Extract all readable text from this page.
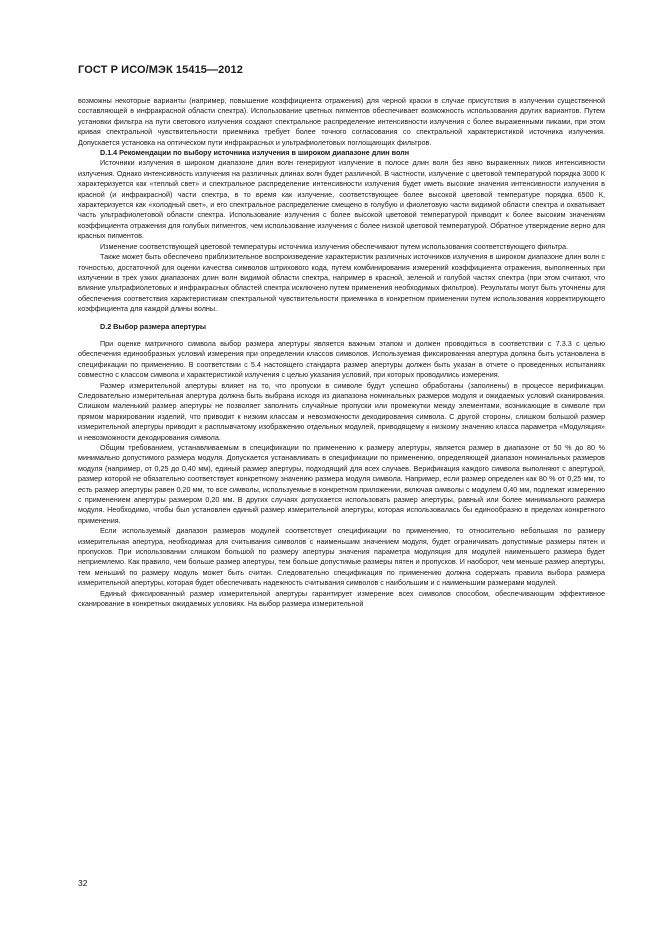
ГОСТ Р ИСО/МЭК 15415—2012

возможны некоторые варианты (например, повышение коэффициента отражения) для черной краски в случае присутствия в излучении существенной составляющей в инфракрасной области спектра). Использование цветных пигментов обеспечивает возможность использования других вариантов. Путем установки фильтра на пути светового излучения создают спектральное распределение интенсивности излучения с более выраженными пиками, при этом кривая спектральной чувствительности приемника требует более точного согласования со спектральной характеристикой источника излучения. Допускается установка на оптическом пути инфракрасных и ультрафиолетовых поглощающих фильтров.

D.1.4 Рекомендации по выбору источника излучения в широком диапазоне длин волн

Источники излучения в широком диапазоне длин волн генерируют излучение в полосе длин волн без явно выраженных пиков интенсивности излучения. Однако интенсивность излучения на различных длинах волн будет различной. В частности, излучение с цветовой температурой порядка 3000 К характеризуется как «теплый свет» и спектральное распределение интенсивности излучения будет иметь высокие значения интенсивности излучения в красной (и инфракрасной) части спектра, в то время как излучение, соответствующее более высокой цветовой температуре порядка 6500 К, характеризуется как «холодный свет», и его спектральное распределение смещено в голубую и фиолетовую части видимой области спектра и охватывает часть ультрафиолетовой области спектра. Использование излучения с более высокой цветовой температурой приводит к более высоким значениям коэффициента отражения для голубых пигментов, чем использование излучения с более низкой цветовой температурой. Обратное утверждение верно для красных пигментов.

Изменение соответствующей цветовой температуры источника излучения обеспечивают путем использования соответствующего фильтра.

Также может быть обеспечено приблизительное воспроизведение характеристик различных источников излучения в широком диапазоне длин волн с точностью, достаточной для оценки качества символов штрихового кода, путем комбинирования измерений коэффициента отражения, выполненных при излучении в трех узких диапазонах длин волн видимой области спектра, например в красной, зеленой и голубой частях спектра (при этом считают, что влияние ультрафиолетовых и инфракрасных областей спектра исключено путем применения необходимых фильтров). Результаты могут быть уточнены для обеспечения соответствия характеристикам спектральной чувствительности приемника в конкретном применении путем использования корректирующего коэффициента для каждой длины волны.

D.2 Выбор размера апертуры

При оценке матричного символа выбор размера апертуры является важным этапом и должен проводиться в соответствии с 7.3.3 с целью обеспечения единообразных условий измерения при определении классов символов. Используемая фиксированная апертура должна быть установлена в спецификации по применению. В соответствии с 5.4 настоящего стандарта размер апертуры должен быть указан в отчете о проведенных испытаниях совместно с классом символа и характеристикой излучения с целью указания условий, при которых проводились измерения.

Размер измерительной апертуры влияет на то, что пропуски в символе будут успешно обработаны (заполнены) в процессе верификации. Следовательно измерительная апертура должна быть выбрана исходя из диапазона номинальных размеров модуля и ожидаемых условий сканирования. Слишком маленький размер апертуры не позволяет заполнить случайные пропуски или промежутки между элементами, возникающие в символе при прямом маркировании изделий, что приводит к низким классам и невозможности декодирования символа. С другой стороны, слишком большой размер измерительной апертуры приводит к расплывчатому изображению отдельных модулей, приводящему к низкому значению класса параметра «Модуляция» и невозможности декодирования символа.

Общим требованием, устанавливаемым в спецификации по применению к размеру апертуры, является размер в диапазоне от 50 % до 80 % минимально допустимого размера модуля. Допускается устанавливать в спецификации по применению, определяющей диапазон номинальных размеров модуля (например, от 0,25 до 0,40 мм), единый размер апертуры, подходящий для всех случаев. Верификация каждого символа выполняют с апертурой, размер которой не обязательно соответствует конкретному значению размера модуля символа. Например, если размер определен как 80 % от 0,25 мм, то есть размер апертуры равен 0,20 мм, то все символы, используемые в конкретном приложении, включая символы с модулем 0,40 мм, подлежат измерению с применением апертуры размером 0,20 мм. В других случаях допускается использовать размер апертуры, равный или более минимального размера модуля. Необходимо, чтобы был установлен единый размер измерительной апертуры, которая использовалась бы единообразно в пределах конкретного применения.

Если используемый диапазон размеров модулей соответствует спецификации по применению, то относительно небольшая по размеру измерительная апертура, необходимая для считывания символов с наименьшим значением модуля, будет ограничивать допустимые размеры пятен и пропусков. При использовании слишком большой по размеру апертуры значения параметра модуляция для модулей наименьшего размера будет неприемлемо. Как правило, чем больше размер апертуры, тем больше допустимые размеры пятен и пропусков. И наоборот, чем меньше размер апертуры, тем меньший по размеру модуль может быть считан. Следовательно спецификация по применению должна содержать правила выбора размера измерительной апертуры, которая будет обеспечивать надежность считывания символов с наибольшим и с наименьшим размерами модулей.

Единый фиксированный размер измерительной апертуры гарантирует измерение всех символов способом, обеспечивающим эффективное сканирование в конкретных ожидаемых условиях. На выбор размера измерительной

32
